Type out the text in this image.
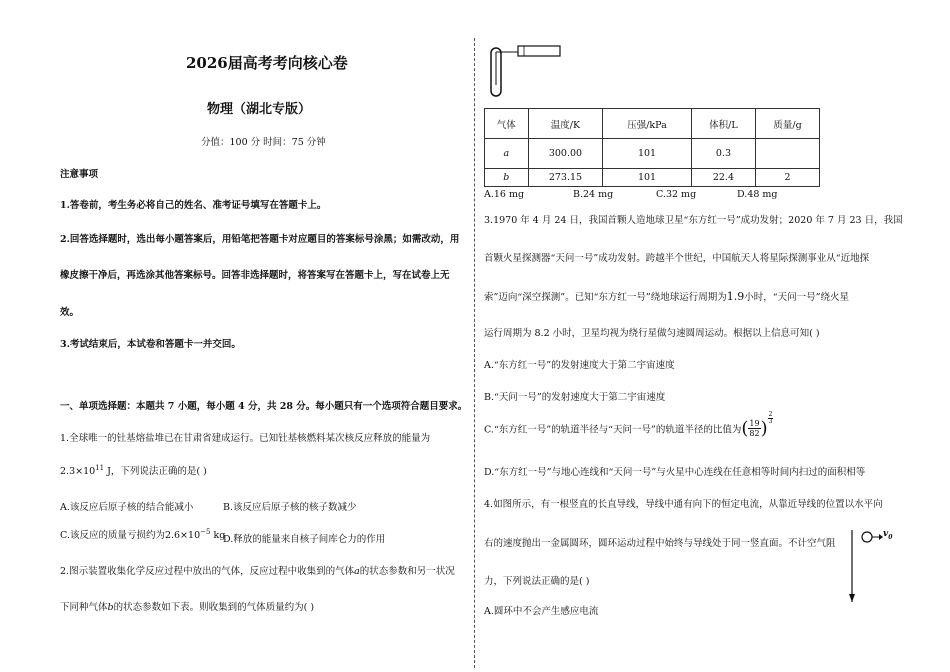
2026届高考考向核心卷
物理（湖北专版）
分值：100 分 时间：75 分钟
注意事项
1.答卷前，考生务必将自己的姓名、准考证号填写在答题卡上。
2.回答选择题时，选出每小题答案后，用铅笔把答题卡对应题目的答案标号涂黑；如需改动，用
橡皮擦干净后，再选涂其他答案标号。回答非选择题时，将答案写在答题卡上，写在试卷上无
效。
3.考试结束后，本试卷和答题卡一并交回。
一、单项选择题：本题共 7 小题，每小题 4 分，共 28 分。每小题只有一个选项符合题目要求。
1.全球唯一的钍基熔盐堆已在甘肃省建成运行。已知钍基核燃料某次核反应释放的能量为
$2.3\times 10^{11}$ J，下列说法正确的是( )
A.该反应后原子核的结合能减小	B.该反应后原子核的核子数减少
C.该反应的质量亏损约为$2.6\times 10^{-5}$ kg
D.释放的能量来自核子间库仑力的作用
2.图示装置收集化学反应过程中放出的气体，反应过程中收集到的气体a的状态参数和另一状况
下同种气体b的状态参数如下表。则收集到的气体质量约为( )
气体	温度/K	压强/kPa	体积/L	质量/g
a	300.00	101	0.3	
b	273.15	101	22.4	2
A.16 mg	B.24 mg	C.32 mg	D.48 mg
3.1970 年 4 月 24 日，我国首颗人造地球卫星“东方红一号”成功发射；2020 年 7 月 23 日，我国
首颗火星探测器“天问一号”成功发射。跨越半个世纪，中国航天人将星际探测事业从“近地探
索”迈向“深空探测”。已知“东方红一号”绕地球运行周期为1.9小时，“天问一号”绕火星
运行周期为 8.2 小时，卫星均视为绕行星做匀速圆周运动。根据以上信息可知( )
A.“东方红一号”的发射速度大于第二宇宙速度
B.“天问一号”的发射速度大于第二宇宙速度
C.“东方红一号”的轨道半径与“天问一号”的轨道半径的比值为( $\frac{19}{82}$ ) $\frac{2}{3}$
D.“东方红一号”与地心连线和“天问一号”与火星中心连线在任意相等时间内扫过的面积相等
4.如图所示，有一根竖直的长直导线，导线中通有向下的恒定电流，从靠近导线的位置以水平向
右的速度抛出一金属圆环，圆环运动过程中始终与导线处于同一竖直面。不计空气阻
力，下列说法正确的是( )
A.圆环中不会产生感应电流
$v_0$
